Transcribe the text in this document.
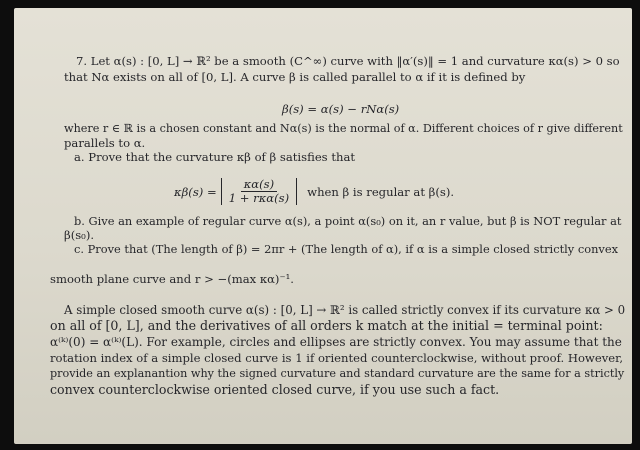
7. Let α(s) : [0, L] → ℝ² be a smooth (C^∞) curve with ‖α′(s)‖ = 1 and curvature κα(s) > 0 so
that Nα exists on all of [0, L]. A curve β is called parallel to α if it is defined by
β(s) = α(s) − rNα(s)
where r ∈ ℝ is a chosen constant and Nα(s) is the normal of α. Different choices of r give different
parallels to α.
a. Prove that the curvature κβ of β satisfies that
$\kappa\beta(s) = \frac{\kappa\alpha(s)}{\text{1 + rκα(s)}}$ when β is regular at β(s).
b. Give an example of regular curve α(s), a point α(s₀) on it, an r value, but β is NOT regular at
β(s₀).
c. Prove that (The length of β) = 2πr + (The length of α), if α is a simple closed strictly convex
smooth plane curve and r > −(max κα)⁻¹.
A simple closed smooth curve α(s) : [0, L] → ℝ² is called strictly convex if its curvature κα > 0
on all of [0, L], and the derivatives of all orders k match at the initial = terminal point:
α⁽ᵏ⁾(0) = α⁽ᵏ⁾(L). For example, circles and ellipses are strictly convex. You may assume that the
rotation index of a simple closed curve is 1 if oriented counterclockwise, without proof. However,
provide an explanantion why the signed curvature and standard curvature are the same for a strictly
convex counterclockwise oriented closed curve, if you use such a fact.
